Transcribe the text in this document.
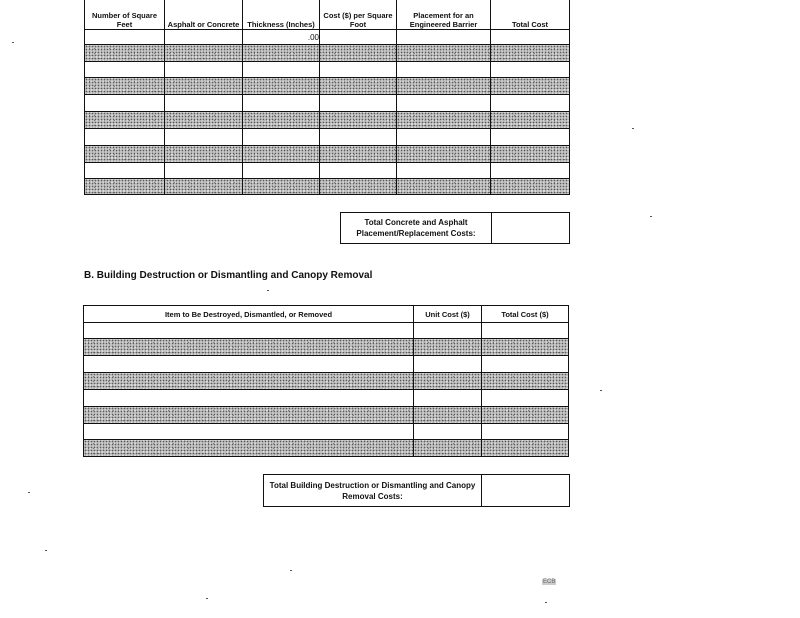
Number of Square Feet	Asphalt or Concrete	Thickness (Inches)	Cost ($) per Square Foot	Placement for an Engineered Barrier	Total Cost
		.00			

Total Concrete and Asphalt Placement/Replacement Costs:
B. Building Destruction or Dismantling and Canopy Removal
Item to Be Destroyed, Dismantled, or Removed	Unit Cost ($)	Total Cost ($)

Total Building Destruction or Dismantling and Canopy Removal Costs:
ECB
